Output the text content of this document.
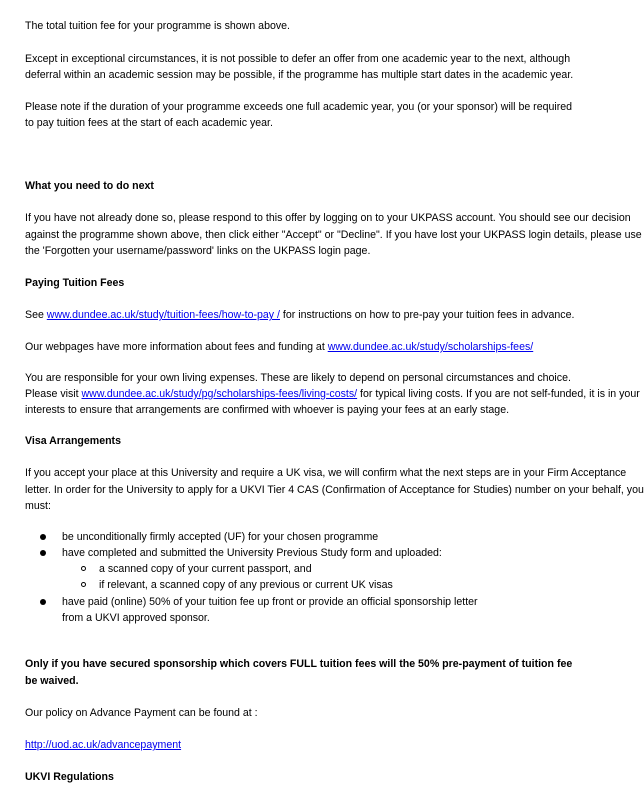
The total tuition fee for your programme is shown above.
Except in exceptional circumstances, it is not possible to defer an offer from one academic year to the next, although
deferral within an academic session may be possible, if the programme has multiple start dates in the academic year.
Please note if the duration of your programme exceeds one full academic year, you (or your sponsor) will be required
to pay tuition fees at the start of each academic year.
What you need to do next
If you have not already done so, please respond to this offer by logging on to your UKPASS account. You should see our decision
against the programme shown above, then click either "Accept" or "Decline". If you have lost your UKPASS login details, please use
the 'Forgotten your username/password' links on the UKPASS login page.
Paying Tuition Fees
See www.dundee.ac.uk/study/tuition-fees/how-to-pay / for instructions on how to pre-pay your tuition fees in advance.
Our webpages have more information about fees and funding at www.dundee.ac.uk/study/scholarships-fees/
You are responsible for your own living expenses. These are likely to depend on personal circumstances and choice.
Please visit www.dundee.ac.uk/study/pg/scholarships-fees/living-costs/ for typical living costs. If you are not self-funded, it is in your
interests to ensure that arrangements are confirmed with whoever is paying your fees at an early stage.
Visa Arrangements
If you accept your place at this University and require a UK visa, we will confirm what the next steps are in your Firm Acceptance
letter. In order for the University to apply for a UKVI Tier 4 CAS (Confirmation of Acceptance for Studies) number on your behalf, you
must:
be unconditionally firmly accepted (UF) for your chosen programme
have completed and submitted the University Previous Study form and uploaded:
a scanned copy of your current passport, and
if relevant, a scanned copy of any previous or current UK visas
have paid (online) 50% of your tuition fee up front or provide an official sponsorship letter
from a UKVI approved sponsor.
Only if you have secured sponsorship which covers FULL tuition fees will the 50% pre-payment of tuition fee
be waived.
Our policy on Advance Payment can be found at :
http://uod.ac.uk/advancepayment
UKVI Regulations
